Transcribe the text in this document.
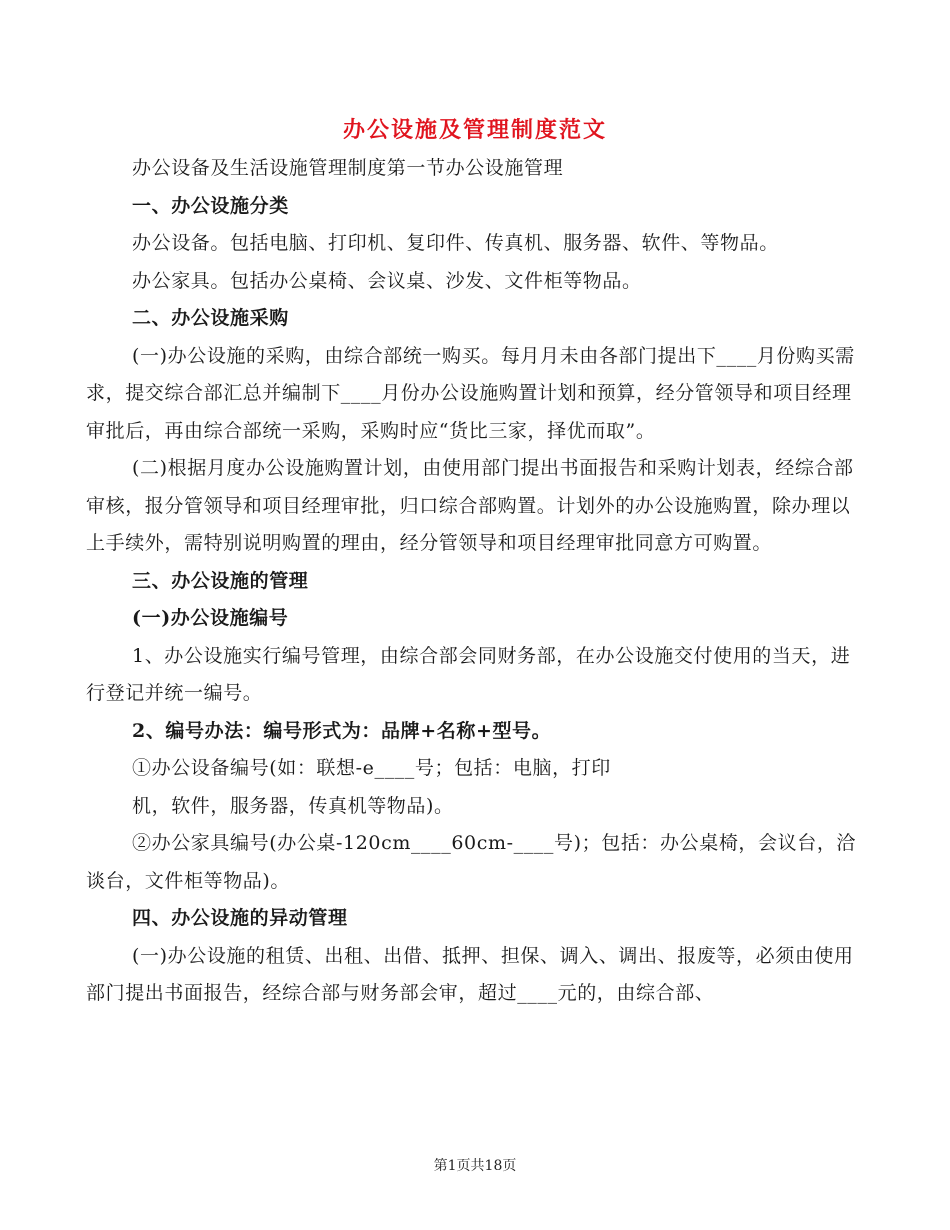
办公设施及管理制度范文

办公设备及生活设施管理制度第一节办公设施管理

一、办公设施分类

办公设备。包括电脑、打印机、复印件、传真机、服务器、软件、等物品。

办公家具。包括办公桌椅、会议桌、沙发、文件柜等物品。

二、办公设施采购

(一)办公设施的采购，由综合部统一购买。每月月未由各部门提出下____月份购买需求，提交综合部汇总并编制下____月份办公设施购置计划和预算，经分管领导和项目经理审批后，再由综合部统一采购，采购时应“货比三家，择优而取”。

(二)根据月度办公设施购置计划，由使用部门提出书面报告和采购计划表，经综合部审核，报分管领导和项目经理审批，归口综合部购置。计划外的办公设施购置，除办理以上手续外，需特别说明购置的理由，经分管领导和项目经理审批同意方可购置。

三、办公设施的管理

(一)办公设施编号

1、办公设施实行编号管理，由综合部会同财务部，在办公设施交付使用的当天，进行登记并统一编号。

2、编号办法：编号形式为：品牌+名称+型号。

①办公设备编号(如：联想-e____号；包括：电脑，打印

机，软件，服务器，传真机等物品)。

②办公家具编号(办公桌-120cm____60cm-____号)；包括：办公桌椅，会议台，洽谈台，文件柜等物品)。

四、办公设施的异动管理

(一)办公设施的租赁、出租、出借、抵押、担保、调入、调出、报废等，必须由使用部门提出书面报告，经综合部与财务部会审，超过____元的，由综合部、

第1页共18页
